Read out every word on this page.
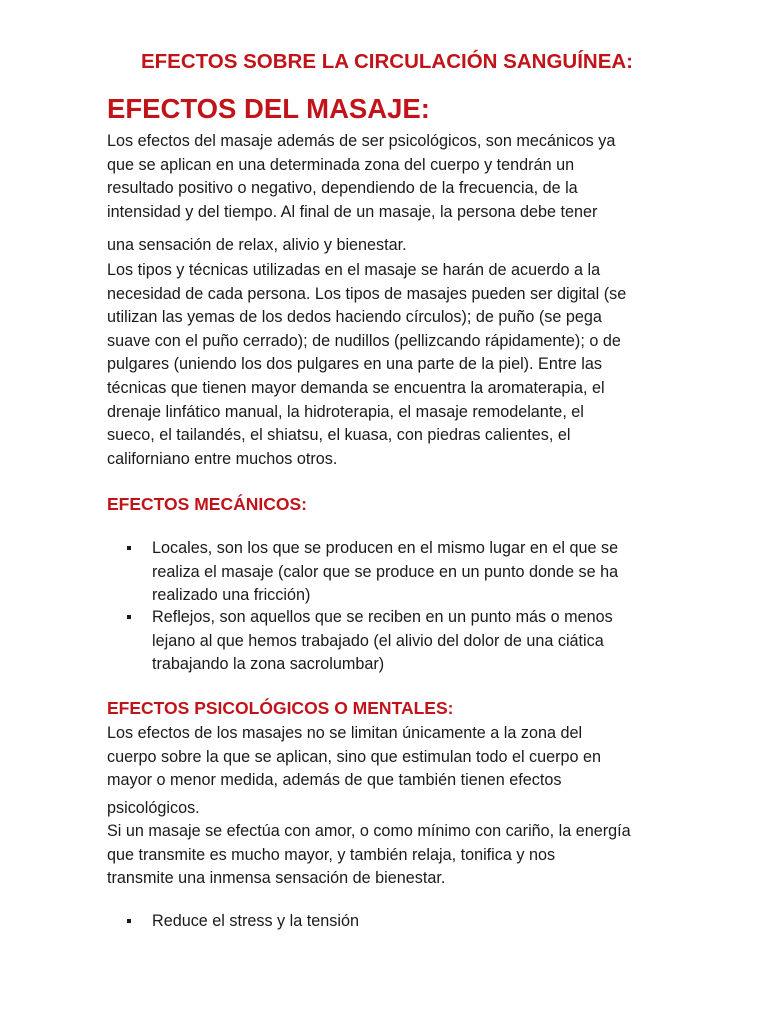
EFECTOS SOBRE LA CIRCULACIÓN SANGUÍNEA:
EFECTOS DEL MASAJE:
Los efectos del masaje además de ser psicológicos, son mecánicos ya
que se aplican en una determinada zona del cuerpo y tendrán un
resultado positivo o negativo, dependiendo de la frecuencia, de la
intensidad y del tiempo. Al final de un masaje, la persona debe tener
una sensación de relax, alivio y bienestar.
Los tipos y técnicas utilizadas en el masaje se harán de acuerdo a la
necesidad de cada persona. Los tipos de masajes pueden ser digital (se
utilizan las yemas de los dedos haciendo círculos); de puño (se pega
suave con el puño cerrado); de nudillos (pellizcando rápidamente); o de
pulgares (uniendo los dos pulgares en una parte de la piel). Entre las
técnicas que tienen mayor demanda se encuentra la aromaterapia, el
drenaje linfático manual, la hidroterapia, el masaje remodelante, el
sueco, el tailandés, el shiatsu, el kuasa, con piedras calientes, el
californiano entre muchos otros.
EFECTOS MECÁNICOS:
Locales, son los que se producen en el mismo lugar en el que se
realiza el masaje (calor que se produce en un punto donde se ha
realizado una fricción)
Reflejos, son aquellos que se reciben en un punto más o menos
lejano al que hemos trabajado (el alivio del dolor de una ciática
trabajando la zona sacrolumbar)
EFECTOS PSICOLÓGICOS O MENTALES:
Los efectos de los masajes no se limitan únicamente a la zona del
cuerpo sobre la que se aplican, sino que estimulan todo el cuerpo en
mayor o menor medida, además de que también tienen efectos
psicológicos.
Si un masaje se efectúa con amor, o como mínimo con cariño, la energía
que transmite es mucho mayor, y también relaja, tonifica y nos
transmite una inmensa sensación de bienestar.
Reduce el stress y la tensión
